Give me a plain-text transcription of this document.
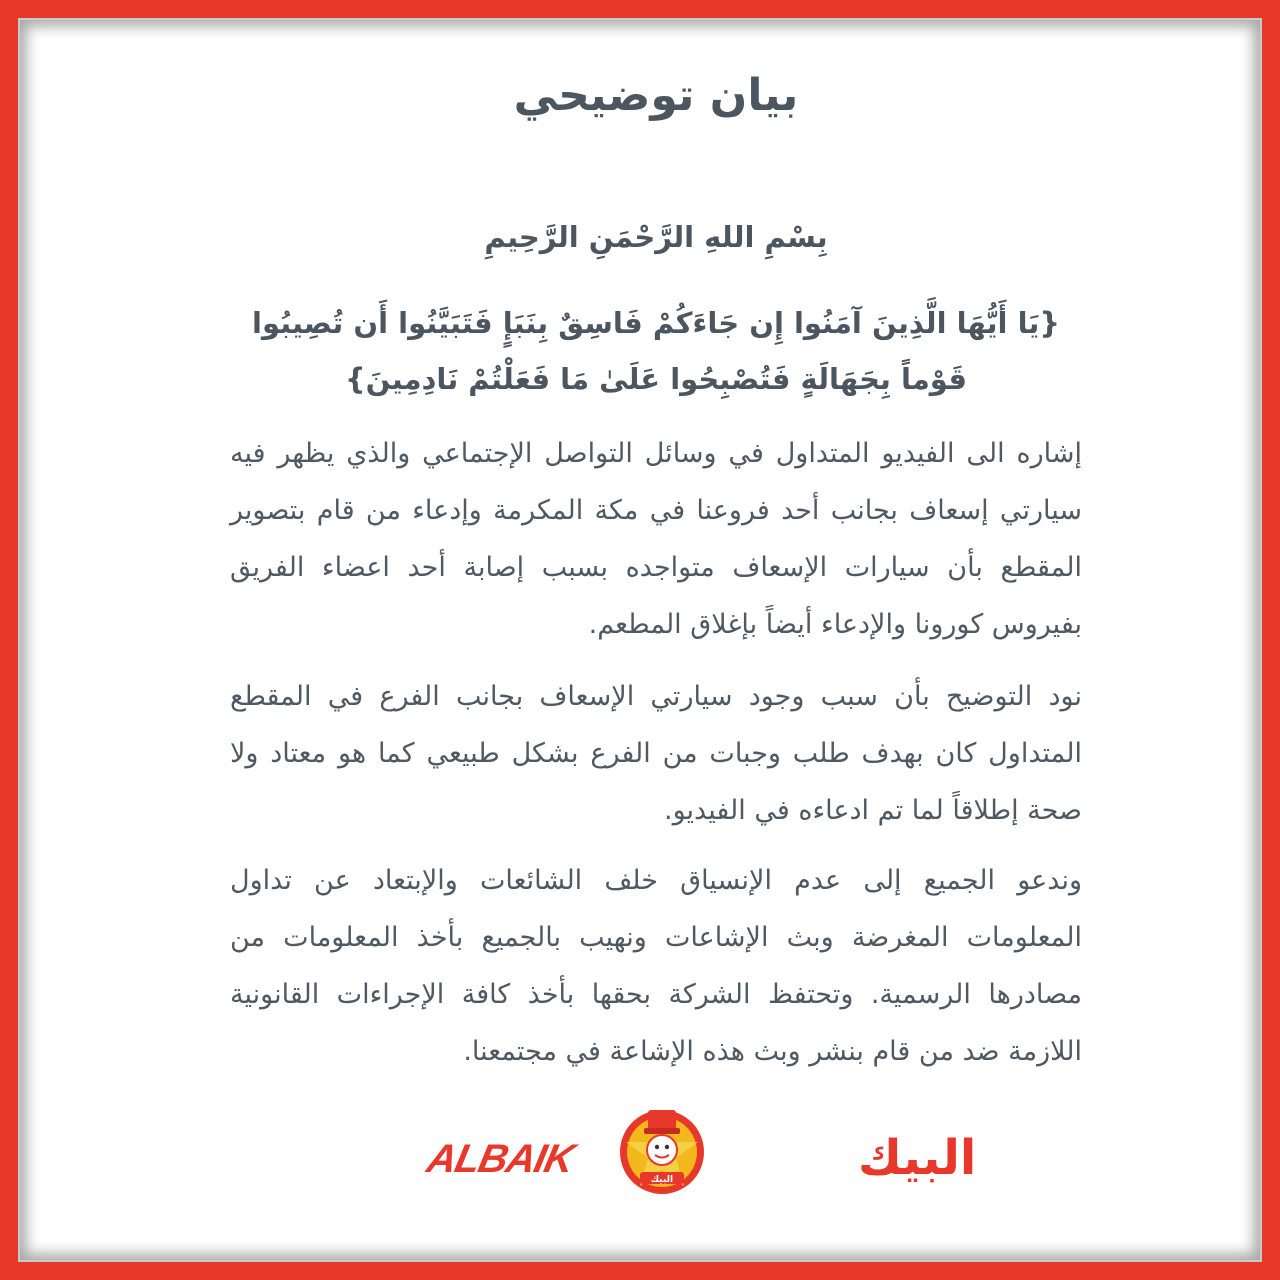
بيان توضيحي

بِسْمِ اللهِ الرَّحْمَنِ الرَّحِيمِ

{يَا أَيُّهَا الَّذِينَ آمَنُوا إِن جَاءَكُمْ فَاسِقٌ بِنَبَإٍ فَتَبَيَّنُوا أَن تُصِيبُوا قَوْماً بِجَهَالَةٍ فَتُصْبِحُوا عَلَىٰ مَا فَعَلْتُمْ نَادِمِينَ}

إشاره الى الفيديو المتداول في وسائل التواصل الإجتماعي والذي يظهر فيه سيارتي إسعاف بجانب أحد فروعنا في مكة المكرمة وإدعاء من قام بتصوير المقطع بأن سيارات الإسعاف متواجده بسبب إصابة أحد اعضاء الفريق بفيروس كورونا والإدعاء أيضاً بإغلاق المطعم.

نود التوضيح بأن سبب وجود سيارتي الإسعاف بجانب الفرع في المقطع المتداول كان بهدف طلب وجبات من الفرع بشكل طبيعي كما هو معتاد ولا صحة إطلاقاً لما تم ادعاءه في الفيديو.

وندعو الجميع إلى عدم الإنسياق خلف الشائعات والإبتعاد عن تداول المعلومات المغرضة وبث الإشاعات ونهيب بالجميع بأخذ المعلومات من مصادرها الرسمية. وتحتفظ الشركة بحقها بأخذ كافة الإجراءات القانونية اللازمة ضد من قام بنشر وبث هذه الإشاعة في مجتمعنا.

ALBAIK	البيك	البيك
